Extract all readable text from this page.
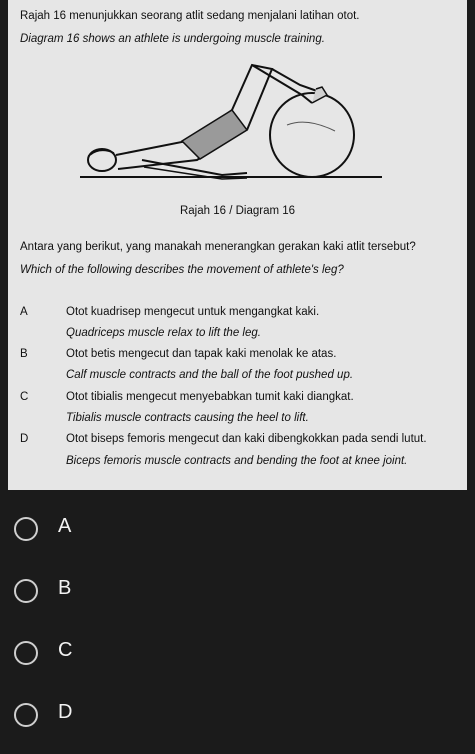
Rajah 16 menunjukkan seorang atlit sedang menjalani latihan otot.
Diagram 16 shows an athlete is undergoing muscle training.
Rajah 16 / Diagram 16
Antara yang berikut, yang manakah menerangkan gerakan kaki atlit tersebut?
Which of the following describes the movement of athlete's leg?
A	Otot kuadrisep mengecut untuk mengangkat kaki.
Quadriceps muscle relax to lift the leg.
B	Otot betis mengecut dan tapak kaki menolak ke atas.
Calf muscle contracts and the ball of the foot pushed up.
C	Otot tibialis mengecut menyebabkan tumit kaki diangkat.
Tibialis muscle contracts causing the heel to lift.
D	Otot biseps femoris mengecut dan kaki dibengkokkan pada sendi lutut.
Biceps femoris muscle contracts and bending the foot at knee joint.
A
B
C
D
